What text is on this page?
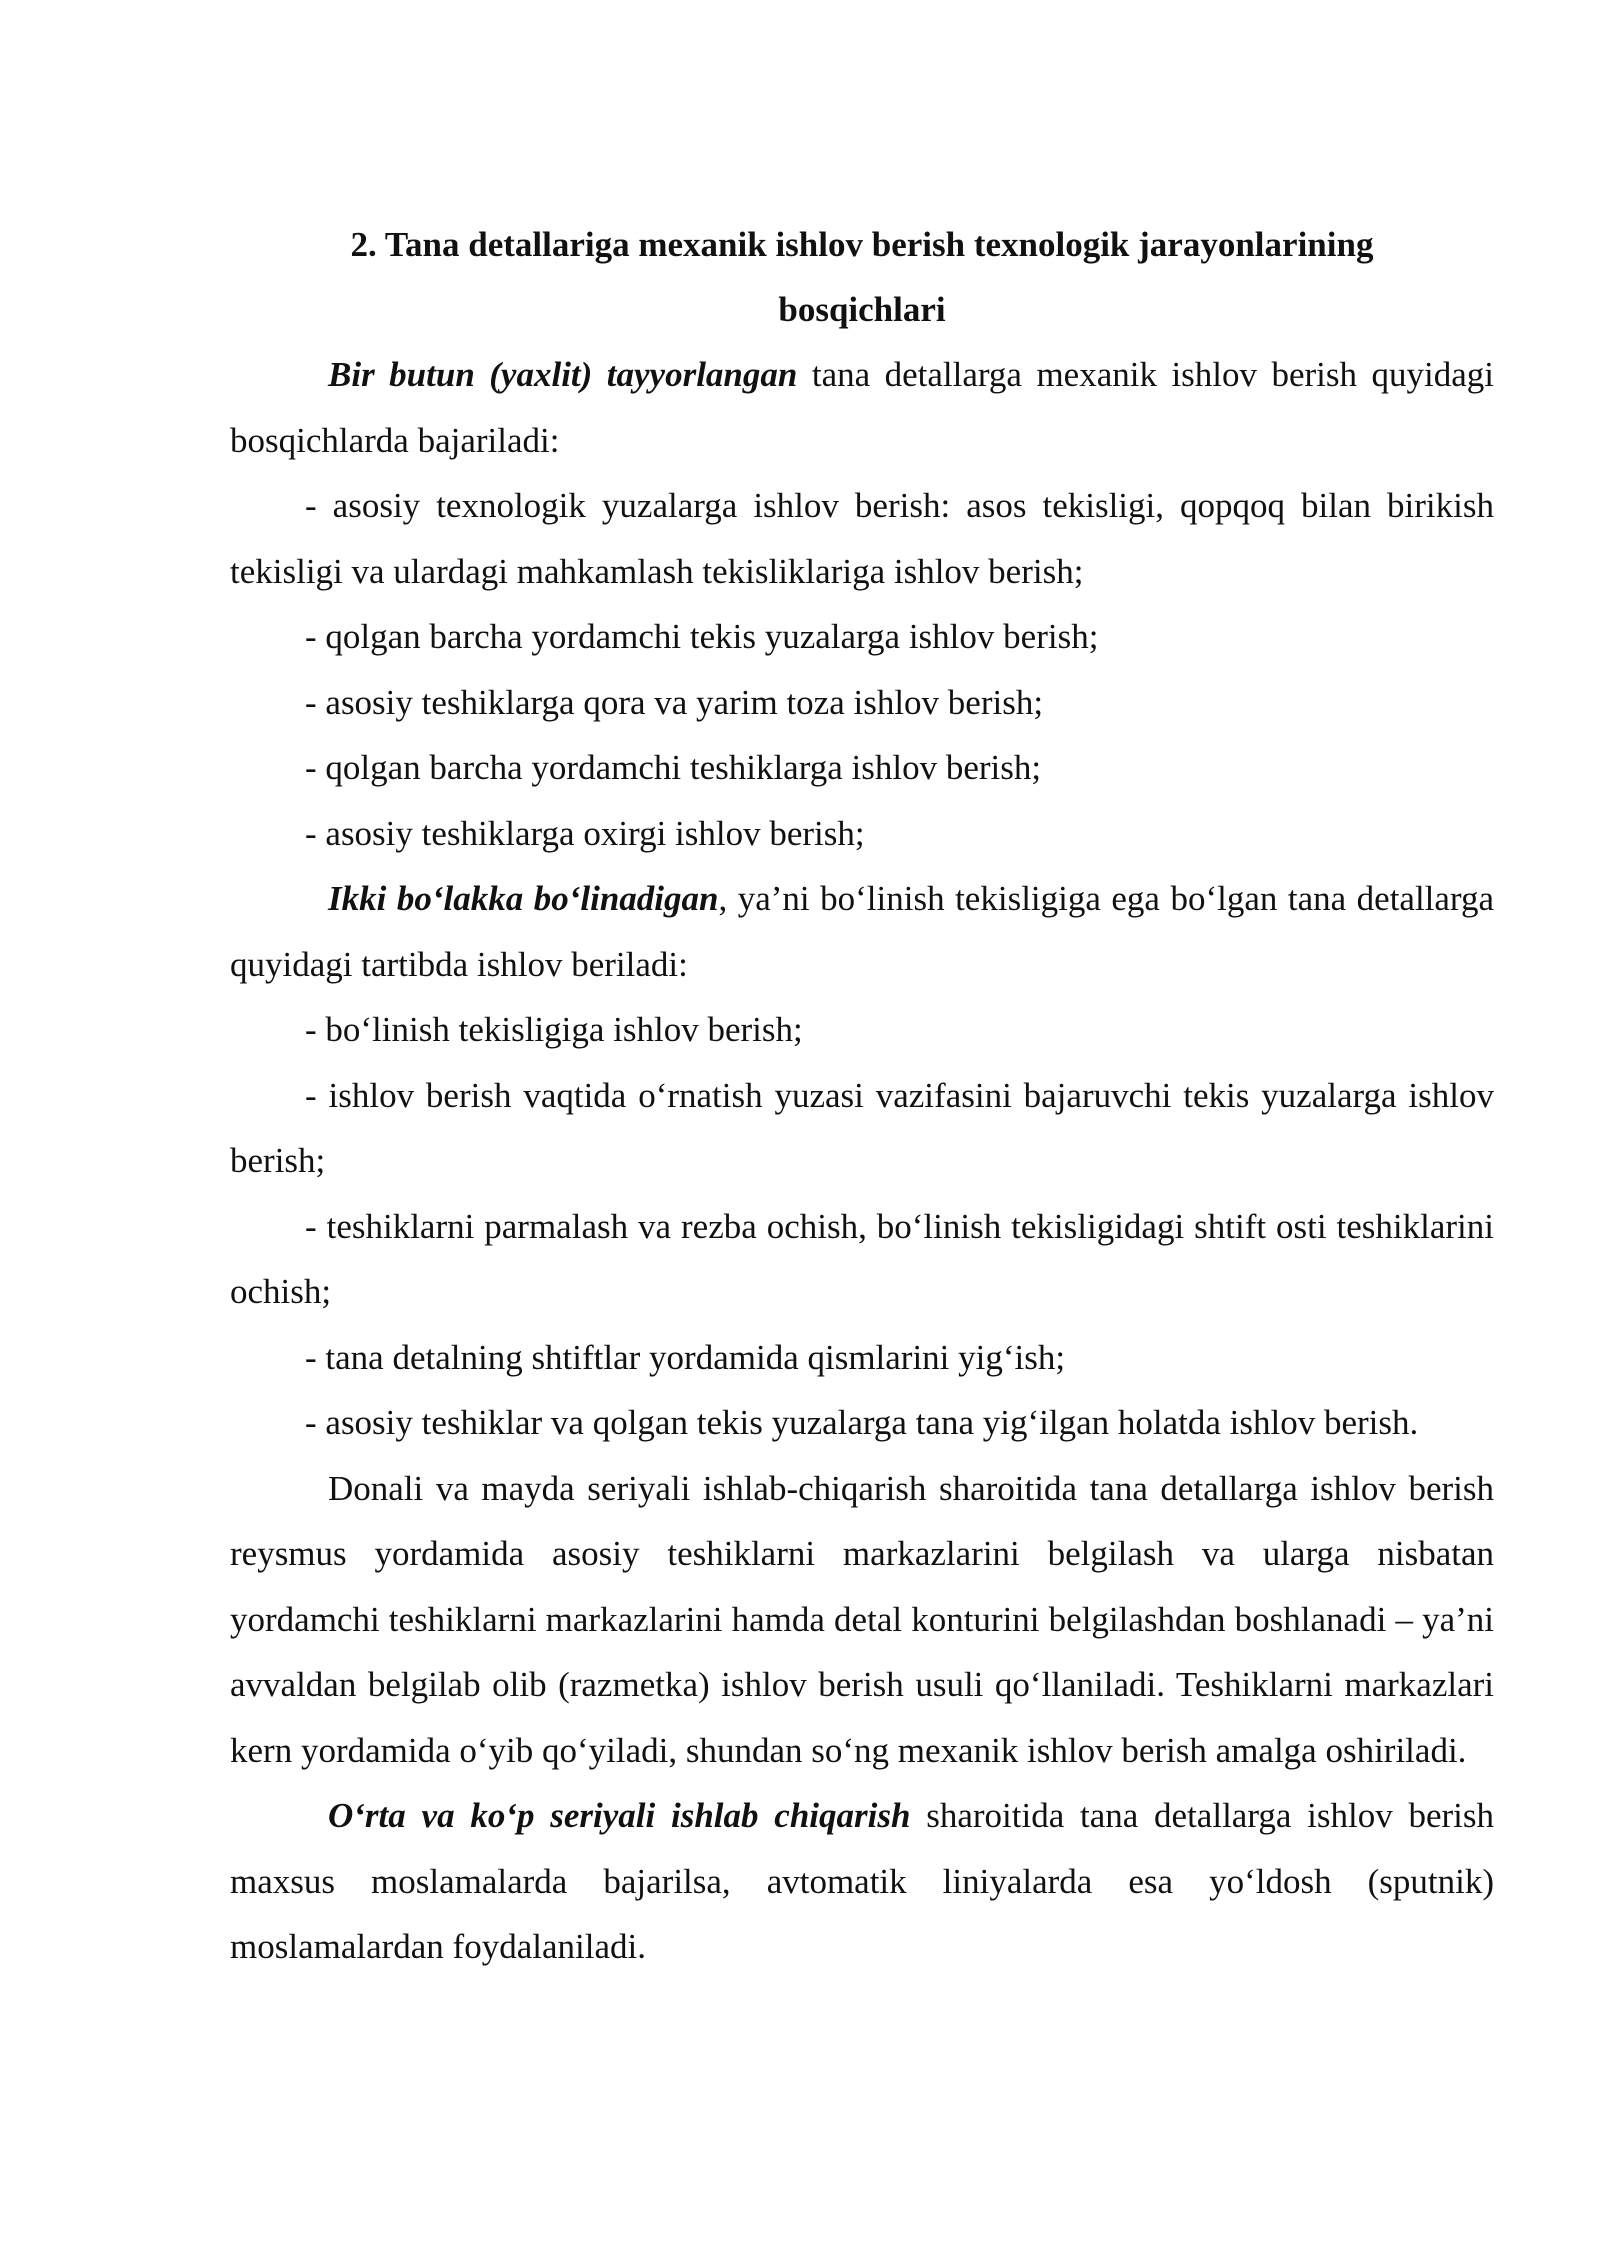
2. Tana detallariga mexanik ishlov berish texnologik jarayonlarining
bosqichlari

Bir butun (yaxlit) tayyorlangan tana detallarga mexanik ishlov berish quyidagi bosqichlarda bajariladi:

- asosiy texnologik yuzalarga ishlov berish: asos tekisligi, qopqoq bilan birikish tekisligi va ulardagi mahkamlash tekisliklariga ishlov berish;

- qolgan barcha yordamchi tekis yuzalarga ishlov berish;

- asosiy teshiklarga qora va yarim toza ishlov berish;

- qolgan barcha yordamchi teshiklarga ishlov berish;

- asosiy teshiklarga oxirgi ishlov berish;

Ikki bo‘lakka bo‘linadigan, ya’ni bo‘linish tekisligiga ega bo‘lgan tana detallarga quyidagi tartibda ishlov beriladi:

- bo‘linish tekisligiga ishlov berish;

- ishlov berish vaqtida o‘rnatish yuzasi vazifasini bajaruvchi tekis yuzalarga ishlov berish;

- teshiklarni parmalash va rezba ochish, bo‘linish tekisligidagi shtift osti teshiklarini ochish;

- tana detalning shtiftlar yordamida qismlarini yig‘ish;

- asosiy teshiklar va qolgan tekis yuzalarga tana yig‘ilgan holatda ishlov berish.

Donali va mayda seriyali ishlab-chiqarish sharoitida tana detallarga ishlov berish reysmus yordamida asosiy teshiklarni markazlarini belgilash va ularga nisbatan yordamchi teshiklarni markazlarini hamda detal konturini belgilashdan boshlanadi – ya’ni avvaldan belgilab olib (razmetka) ishlov berish usuli qo‘llaniladi. Teshiklarni markazlari kern yordamida o‘yib qo‘yiladi, shundan so‘ng mexanik ishlov berish amalga oshiriladi.

O‘rta va ko‘p seriyali ishlab chiqarish sharoitida tana detallarga ishlov berish maxsus moslamalarda bajarilsa, avtomatik liniyalarda esa yo‘ldosh (sputnik) moslamalardan foydalaniladi.
